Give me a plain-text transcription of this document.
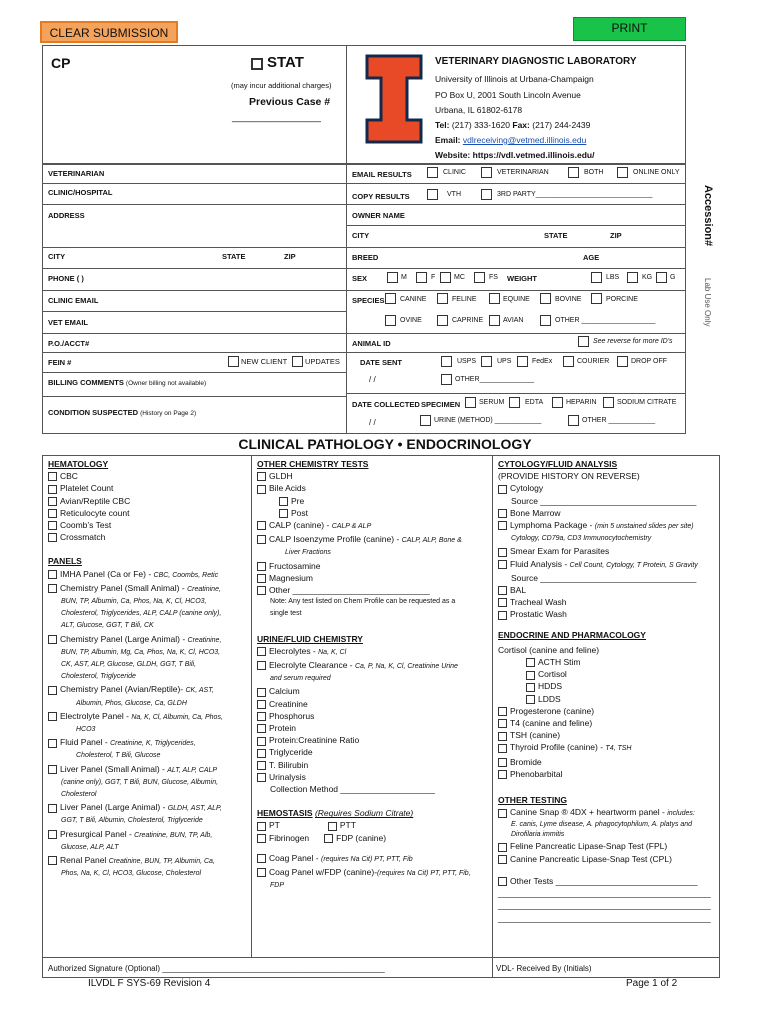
CLEAR SUBMISSION	PRINT
CP	STAT
(may incur additional charges)
Previous Case #
________________
VETERINARY DIAGNOSTIC LABORATORY
University of Illinois at Urbana-Champaign
PO Box U, 2001 South Lincoln Avenue
Urbana, IL 61802-6178
Tel: (217) 333-1620 Fax: (217) 244-2439
Email: vdlreceiving@vetmed.illinois.edu
Website: https://vdl.vetmed.illinois.edu/
VETERINARIAN
CLINIC/HOSPITAL
ADDRESS
CITY	STATE	ZIP
PHONE ( )
CLINIC EMAIL
VET EMAIL
P.O./ACCT#
FEIN #	NEW CLIENT UPDATES
BILLING COMMENTS (Owner billing not available)
CONDITION SUSPECTED (History on Page 2)
EMAIL RESULTS	CLINIC	VETERINARIAN	BOTH	ONLINE ONLY
COPY RESULTS	VTH	3RD PARTY______________________________
OWNER NAME
CITY	STATE	ZIP
BREED	AGE
SEX	M	F	MC	FS WEIGHT	LBS	KG	G
SPECIES CANINE	FELINE	EQUINE	BOVINE	PORCINE
OVINE	CAPRINE	AVIAN	OTHER ___________________
ANIMAL ID	See reverse for more ID's
DATE SENT
/ /
USPS	UPS	FedEx	COURIER	DROP OFF
OTHER______________
DATE COLLECTED
/ /
SPECIMEN	SERUM	EDTA	HEPARIN	SODIUM CITRATE
URINE (METHOD) ____________	OTHER ____________
Accession#
Lab Use Only
CLINICAL PATHOLOGY • ENDOCRINOLOGY
HEMATOLOGY
CBC
Platelet Count
Avian/Reptile CBC
Reticulocyte count
Coomb’s Test
Crossmatch
PANELS
IMHA Panel (Ca or Fe) - CBC, Coombs, Retic
Chemistry Panel (Small Animal) - Creatinine,
BUN, TP, Albumin, Ca, Phos, Na, K, Cl, HCO3,
Cholesterol, Triglycerides, ALP, CALP (canine only),
ALT, Glucose, GGT, T Bili, CK
Chemistry Panel (Large Animal) - Creatinine,
BUN, TP, Albumin, Mg, Ca, Phos, Na, K, Cl, HCO3,
CK, AST, ALP, Glucose, GLDH, GGT, T Bili,
Cholesterol, Triglyceride
Chemistry Panel (Avian/Reptile)- CK, AST,
Albumin, Phos, Glucose, Ca, GLDH
Electrolyte Panel - Na, K, Cl, Albumin, Ca, Phos,
HCO3
Fluid Panel - Creatinine, K, Triglycerides,
Cholesterol, T Bili, Glucose
Liver Panel (Small Animal) - ALT, ALP, CALP
(canine only), GGT, T Bili, BUN, Glucose, Albumin,
Cholesterol
Liver Panel (Large Animal) - GLDH, AST, ALP,
GGT, T Bili, Albumin, Cholesterol, Triglyceride
Presurgical Panel - Creatinine, BUN, TP, Alb,
Glucose, ALP, ALT
Renal Panel Creatinine, BUN, TP, Albumin, Ca,
Phos, Na, K, Cl, HCO3, Glucose, Cholesterol
OTHER CHEMISTRY TESTS
GLDH
Bile Acids
Pre
Post
CALP (canine) - CALP & ALP
CALP Isoenzyme Profile (canine) - CALP, ALP, Bone &
Liver Fractions
Fructosamine
Magnesium
Other _____________________________
Note: Any test listed on Chem Profile can be requested as a
single test
URINE/FLUID CHEMISTRY
Elecrolytes - Na, K, Cl
Elecrolyte Clearance - Ca, P, Na, K, Cl, Creatinine Urine
and serum required
Calcium
Creatinine
Phosphorus
Protein
Protein:Creatinine Ratio
Triglyceride
T. Bilirubin
Urinalysis
Collection Method ____________________
HEMOSTASIS (Requires Sodium Citrate)
PT	PTT
Fibrinogen	FDP (canine)
Coag Panel - (requires Na Cit) PT, PTT, Fib
Coag Panel w/FDP (canine)-(requires Na Cit) PT, PTT, Fib,
FDP
CYTOLOGY/FLUID ANALYSIS
(PROVIDE HISTORY ON REVERSE)
Cytology
Source _________________________________
Bone Marrow
Lymphoma Package - (min 5 unstained slides per site)
Cytology, CD79a, CD3 Immunocytochemistry
Smear Exam for Parasites
Fluid Analysis - Cell Count, Cytology, T Protein, S Gravity
Source _________________________________
BAL
Tracheal Wash
Prostatic Wash
ENDOCRINE AND PHARMACOLOGY
Cortisol (canine and feline)
ACTH Stim
Cortisol
HDDS
LDDS
Progesterone (canine)
T4 (canine and feline)
TSH (canine)
Thyroid Profile (canine) - T4, TSH
Bromide
Phenobarbital
OTHER TESTING
Canine Snap ® 4DX + heartworm panel - includes:
E. canis, Lyme disease, A. phagocytophilum, A. platys and
Dirofilaria immitis
Feline Pancreatic Lipase-Snap Test (FPL)
Canine Pancreatic Lipase-Snap Test (CPL)
Other Tests ______________________________
_____________________________________________
_____________________________________________
_____________________________________________
Authorized Signature (Optional) __________________________________________________	VDL- Received By (Initials)
ILVDL F SYS-69 Revision 4	Page 1 of 2
